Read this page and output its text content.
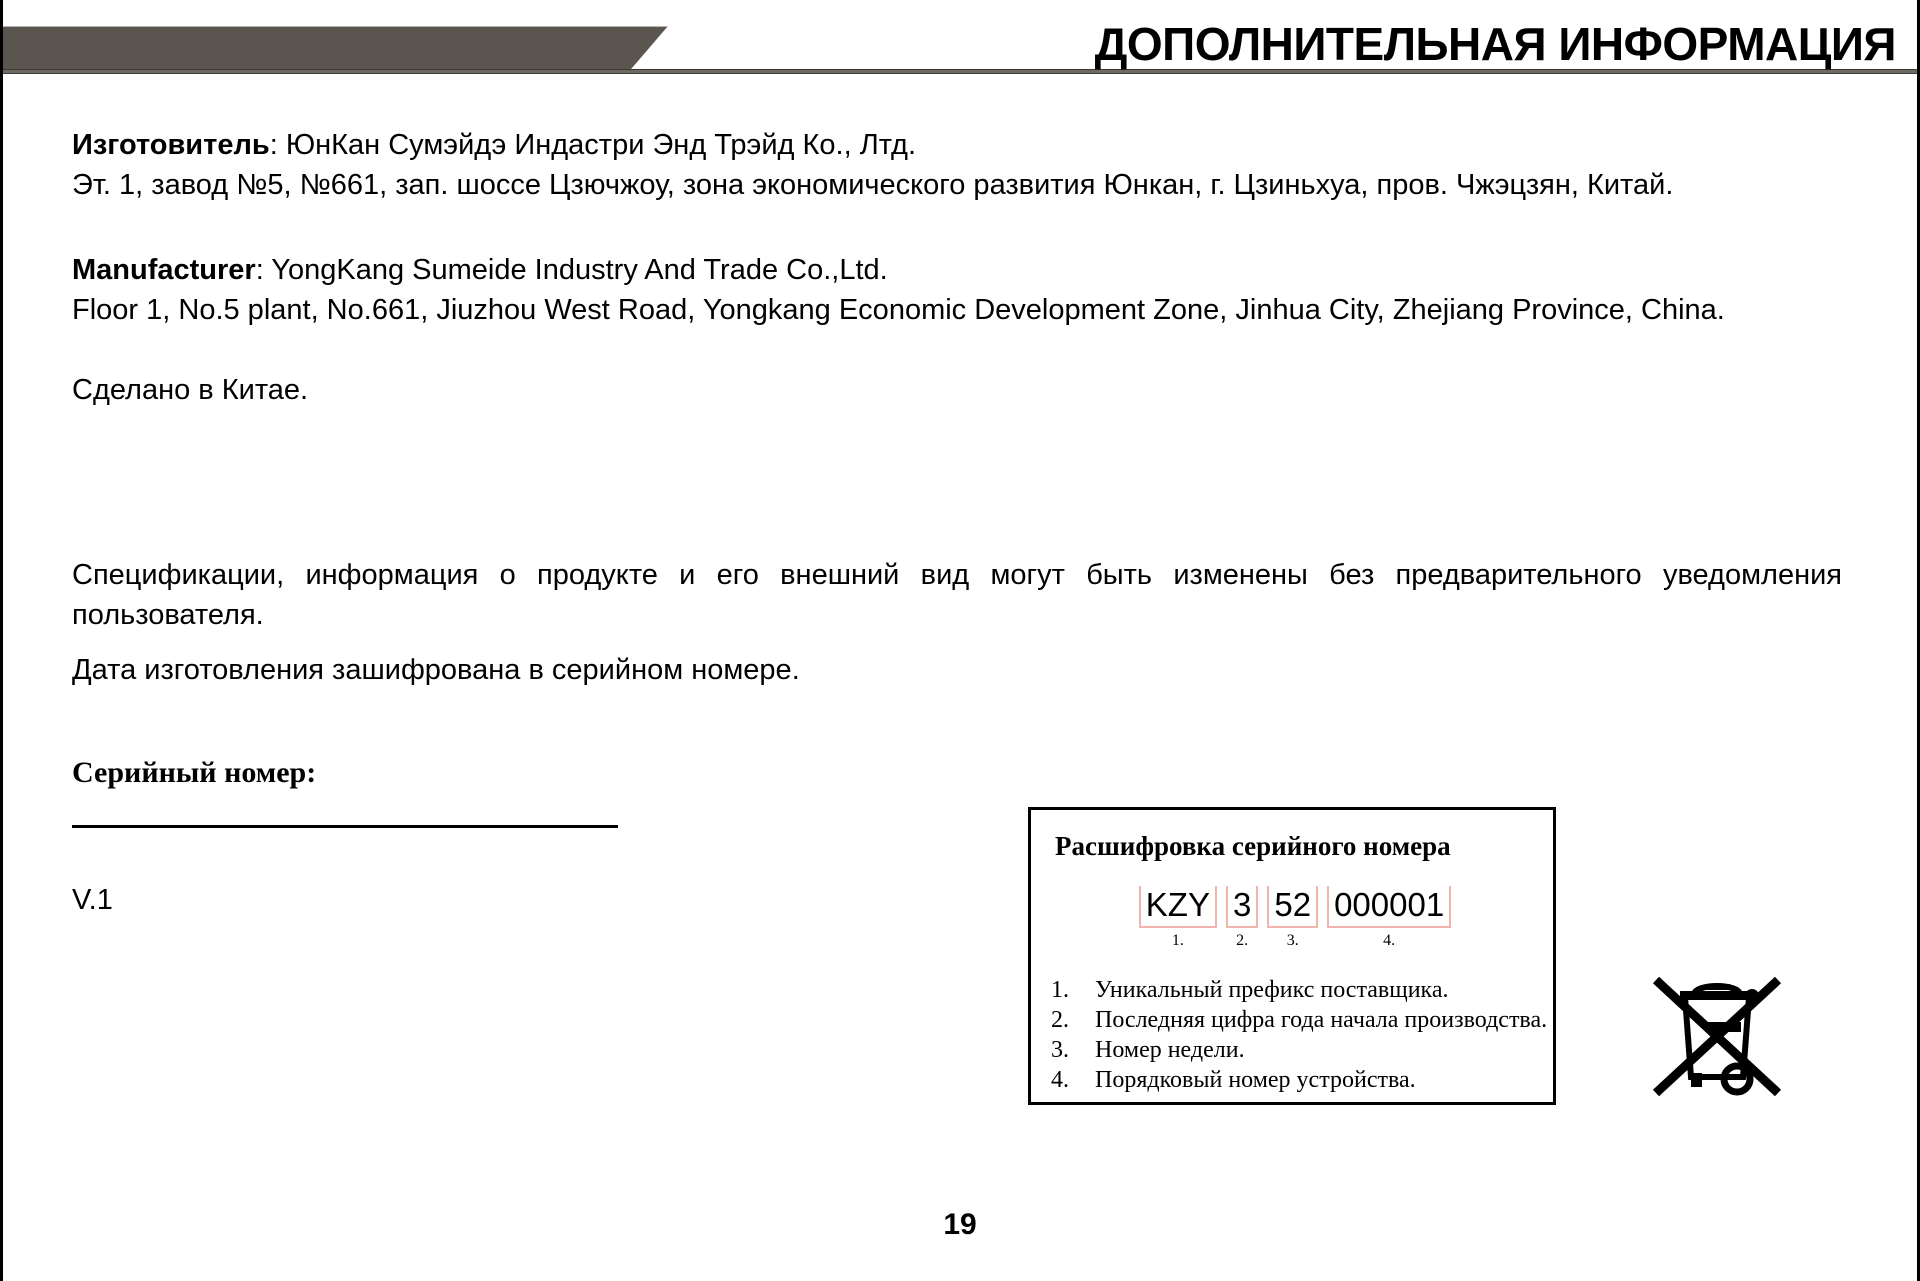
ДОПОЛНИТЕЛЬНАЯ ИНФОРМАЦИЯ

Изготовитель: ЮнКан Сумэйдэ Индастри Энд Трэйд Ко., Лтд.

Эт. 1, завод №5, №661, зап. шоссе Цзючжоу, зона экономического развития Юнкан, г. Цзиньхуа, пров. Чжэцзян, Китай.

Manufacturer: YongKang Sumeide Industry And Trade Co.,Ltd.

Floor 1, No.5 plant, No.661, Jiuzhou West Road, Yongkang Economic Development Zone, Jinhua City, Zhejiang Province, China.

Сделано в Китае.

Спецификации, информация о продукте и его внешний вид могут быть изменены без предварительного уведомления пользователя.

Дата изготовления зашифрована в серийном номере.

Серийный номер:
V.1
Расшифровка серийного номера
KZY
1.
3
2.
52
3.
000001
4.
1.	Уникальный префикс поставщика.
2.	Последняя цифра года начала производства.
3.	Номер недели.
4.	Порядковый номер устройства.
19
